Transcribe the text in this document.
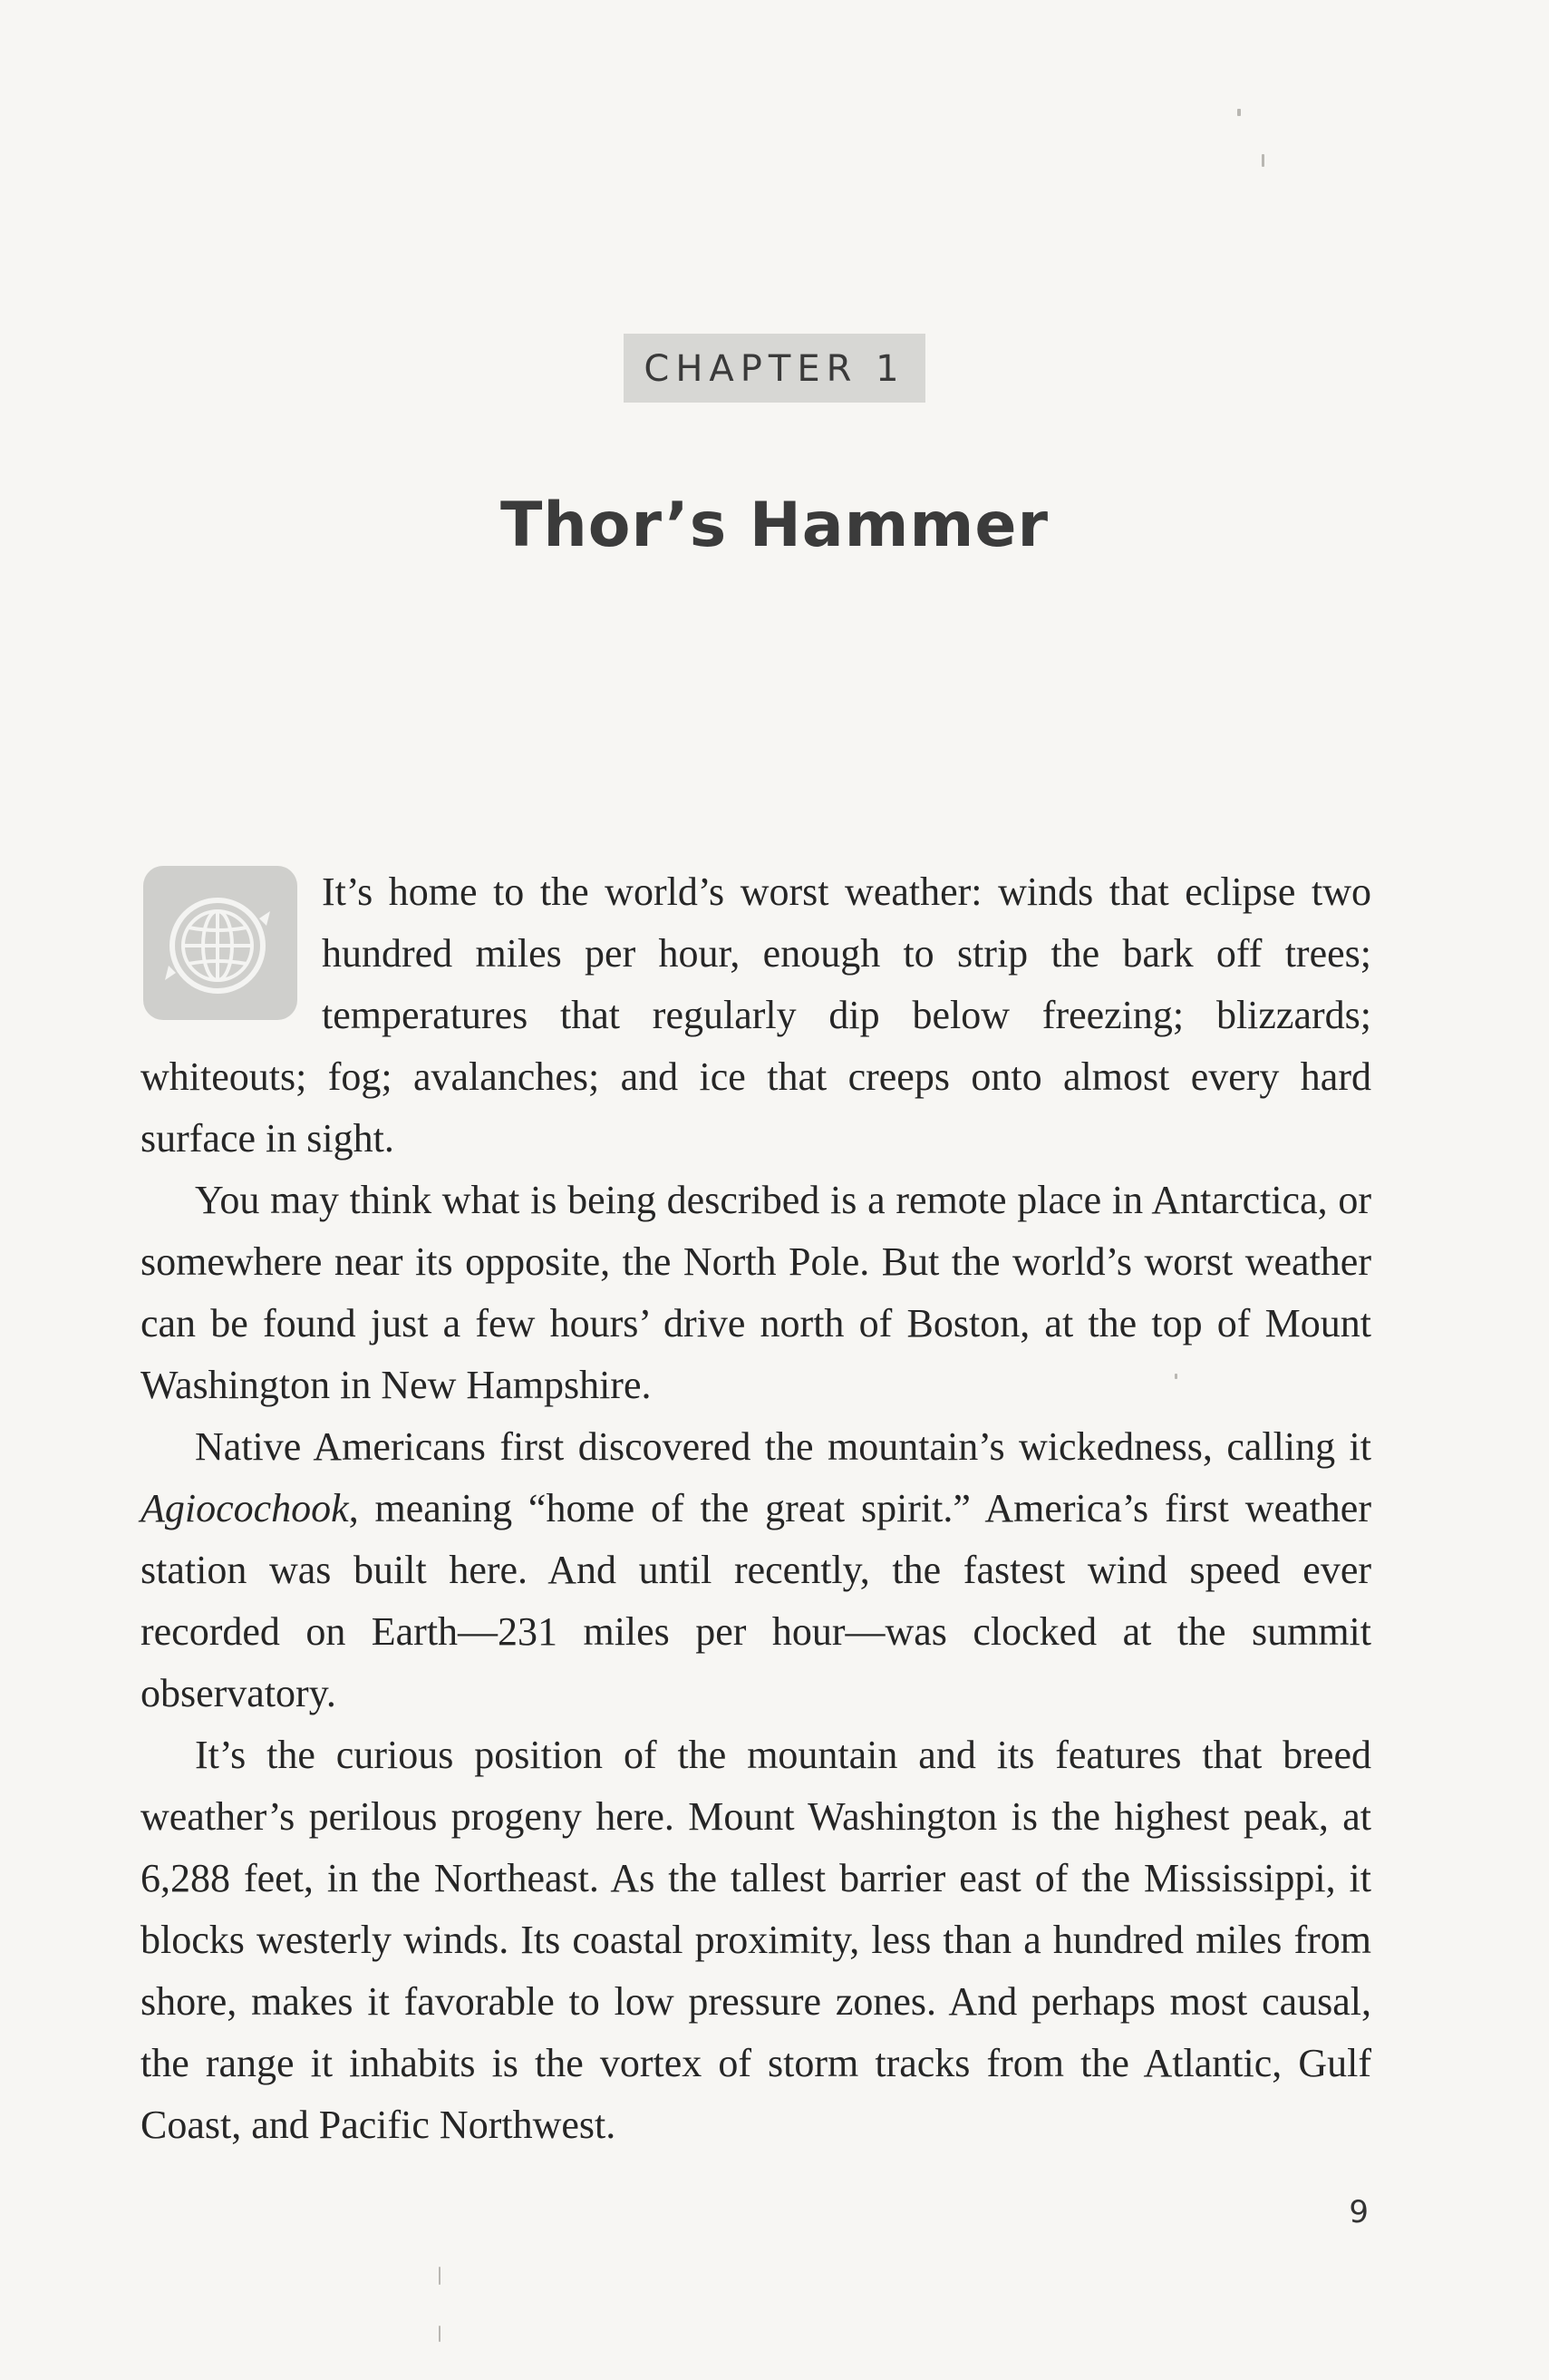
CHAPTER 1
Thor’s Hammer

It’s home to the world’s worst weather: winds that eclipse two hundred miles per hour, enough to strip the bark off trees; temperatures that regularly dip below freezing; blizzards; whiteouts; fog; avalanches; and ice that creeps onto almost every hard surface in sight.

You may think what is being described is a remote place in Antarctica, or somewhere near its opposite, the North Pole. But the world’s worst weather can be found just a few hours’ drive north of Boston, at the top of Mount Washington in New Hampshire.

Native Americans first discovered the mountain’s wickedness, calling it Agiocochook, meaning “home of the great spirit.” America’s first weather station was built here. And until recently, the fastest wind speed ever recorded on Earth—231 miles per hour—was clocked at the summit observatory.

It’s the curious position of the mountain and its features that breed weather’s perilous progeny here. Mount Washington is the highest peak, at 6,288 feet, in the Northeast. As the tallest barrier east of the Mississippi, it blocks westerly winds. Its coastal proximity, less than a hundred miles from shore, makes it favorable to low pressure zones. And perhaps most causal, the range it inhabits is the vortex of storm tracks from the Atlantic, Gulf Coast, and Pacific Northwest.

9
